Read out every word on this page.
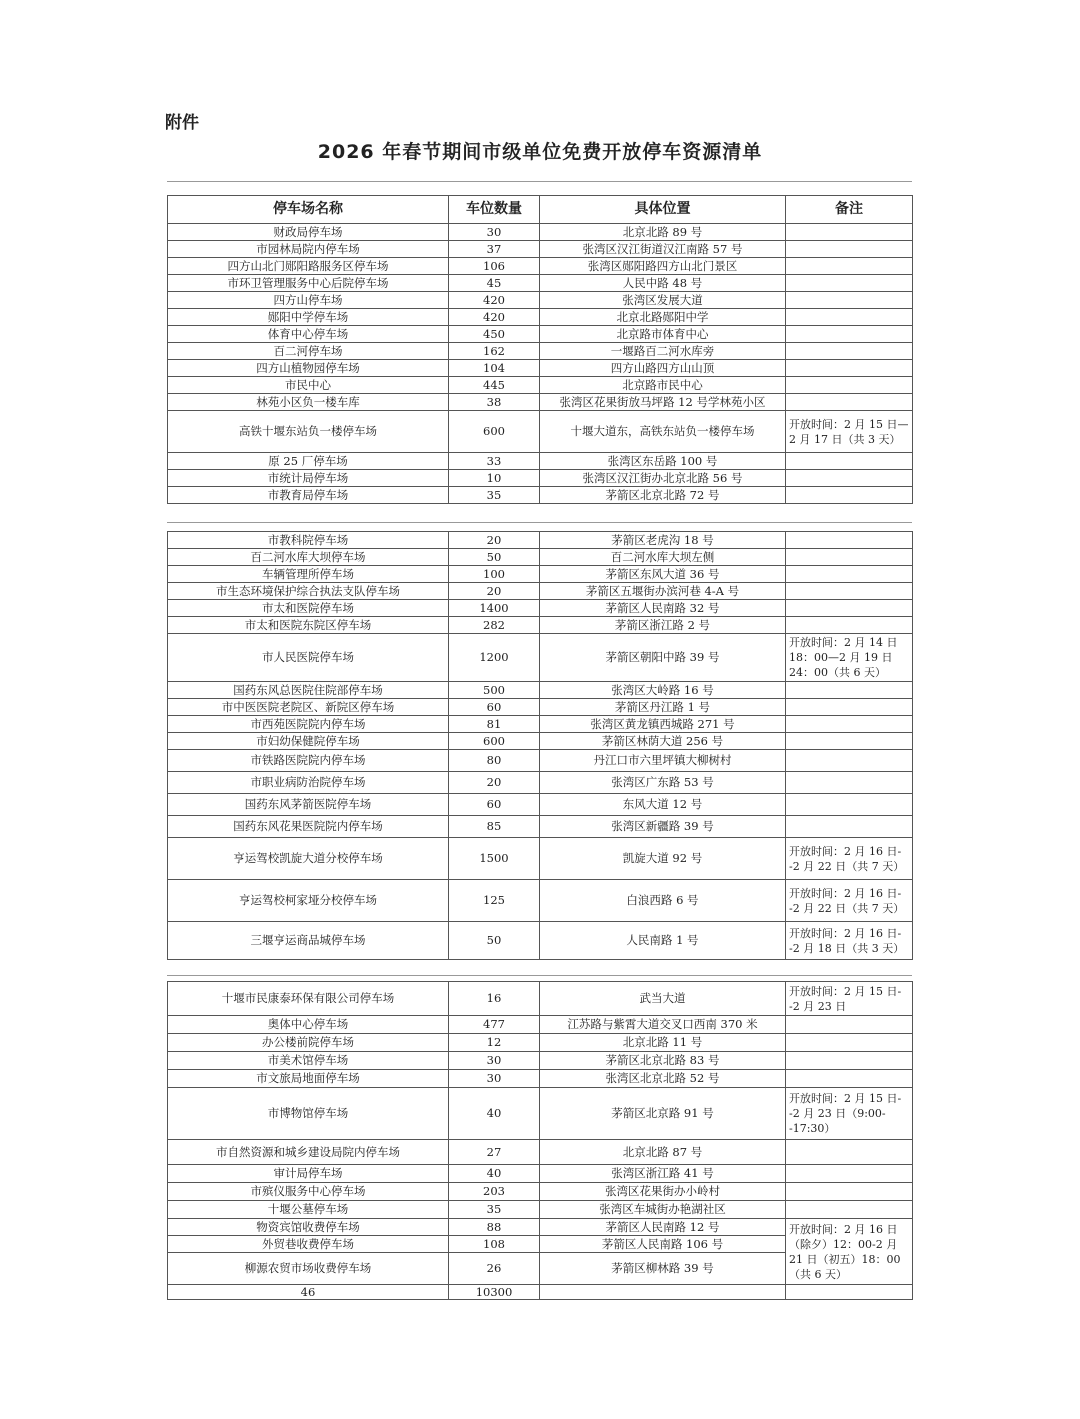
附件
2026 年春节期间市级单位免费开放停车资源清单
停车场名称	车位数量	具体位置	备注
财政局停车场	30	北京北路 89 号	
市园林局院内停车场	37	张湾区汉江街道汉江南路 57 号	
四方山北门郧阳路服务区停车场	106	张湾区郧阳路四方山北门景区	
市环卫管理服务中心后院停车场	45	人民中路 48 号	
四方山停车场	420	张湾区发展大道	
郧阳中学停车场	420	北京北路郧阳中学	
体育中心停车场	450	北京路市体育中心	
百二河停车场	162	一堰路百二河水库旁	
四方山植物园停车场	104	四方山路四方山山顶	
市民中心	445	北京路市民中心	
林苑小区负一楼车库	38	张湾区花果街放马坪路 12 号学林苑小区	
高铁十堰东站负一楼停车场	600	十堰大道东，高铁东站负一楼停车场	开放时间：2 月 15 日—2 月 17 日（共 3 天）
原 25 厂停车场	33	张湾区东岳路 100 号	
市统计局停车场	10	张湾区汉江街办北京北路 56 号	
市教育局停车场	35	茅箭区北京北路 72 号	
市教科院停车场	20	茅箭区老虎沟 18 号	
百二河水库大坝停车场	50	百二河水库大坝左侧	
车辆管理所停车场	100	茅箭区东风大道 36 号	
市生态环境保护综合执法支队停车场	20	茅箭区五堰街办滨河巷 4-A 号	
市太和医院停车场	1400	茅箭区人民南路 32 号	
市太和医院东院区停车场	282	茅箭区浙江路 2 号	
市人民医院停车场	1200	茅箭区朝阳中路 39 号	开放时间：2 月 14 日 18：00—2 月 19 日 24：00（共 6 天）
国药东风总医院住院部停车场	500	张湾区大岭路 16 号	
市中医医院老院区、新院区停车场	60	茅箭区丹江路 1 号	
市西苑医院院内停车场	81	张湾区黄龙镇西城路 271 号	
市妇幼保健院停车场	600	茅箭区林荫大道 256 号	
市铁路医院院内停车场	80	丹江口市六里坪镇大柳树村	
市职业病防治院停车场	20	张湾区广东路 53 号	
国药东风茅箭医院停车场	60	东风大道 12 号	
国药东风花果医院院内停车场	85	张湾区新疆路 39 号	
亨运驾校凯旋大道分校停车场	1500	凯旋大道 92 号	开放时间：2 月 16 日--2 月 22 日（共 7 天）
亨运驾校柯家垭分校停车场	125	白浪西路 6 号	开放时间：2 月 16 日--2 月 22 日（共 7 天）
三堰亨运商品城停车场	50	人民南路 1 号	开放时间：2 月 16 日--2 月 18 日（共 3 天）
十堰市民康泰环保有限公司停车场	16	武当大道	开放时间：2 月 15 日--2 月 23 日
奥体中心停车场	477	江苏路与紫霄大道交叉口西南 370 米	
办公楼前院停车场	12	北京北路 11 号	
市美术馆停车场	30	茅箭区北京北路 83 号	
市文旅局地面停车场	30	张湾区北京北路 52 号	
市博物馆停车场	40	茅箭区北京路 91 号	开放时间：2 月 15 日--2 月 23 日（9:00--17:30）
市自然资源和城乡建设局院内停车场	27	北京北路 87 号	
审计局停车场	40	张湾区浙江路 41 号	
市殡仪服务中心停车场	203	张湾区花果街办小岭村	
十堰公墓停车场	35	张湾区车城街办艳湖社区	
物资宾馆收费停车场	88	茅箭区人民南路 12 号	开放时间：2 月 16 日（除夕）12：00-2 月 21 日（初五）18：00（共 6 天）
外贸巷收费停车场	108	茅箭区人民南路 106 号	
柳源农贸市场收费停车场	26	茅箭区柳林路 39 号	
46	10300		
